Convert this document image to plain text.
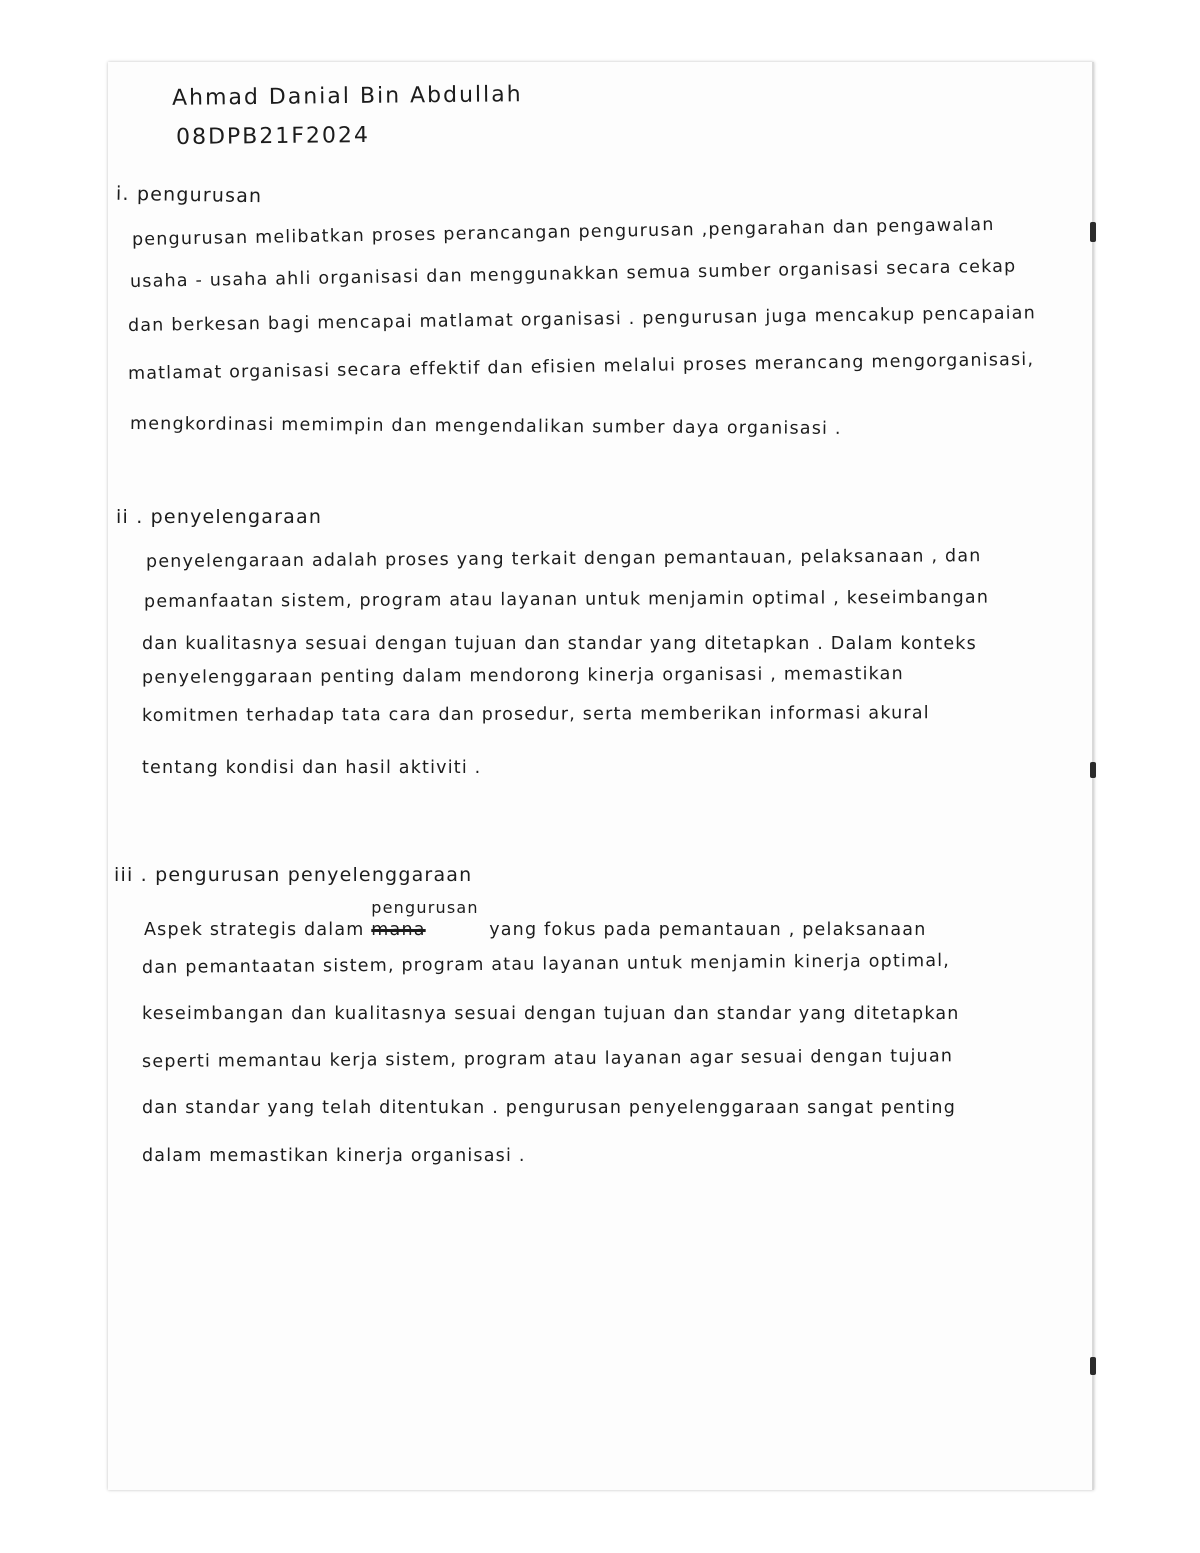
Ahmad Danial Bin Abdullah

08DPB21F2024

i. pengurusan

pengurusan melibatkan proses perancangan pengurusan ,pengarahan dan pengawalan

usaha - usaha ahli organisasi dan menggunakkan semua sumber organisasi secara cekap

dan berkesan bagi mencapai matlamat organisasi . pengurusan juga mencakup pencapaian

matlamat organisasi secara effektif dan efisien melalui proses merancang mengorganisasi,

mengkordinasi memimpin dan mengendalikan sumber daya organisasi .

ii . penyelengaraan

penyelengaraan adalah proses yang terkait dengan pemantauan, pelaksanaan , dan

pemanfaatan sistem, program atau layanan untuk menjamin optimal , keseimbangan

dan kualitasnya sesuai dengan tujuan dan standar yang ditetapkan . Dalam konteks

penyelenggaraan penting dalam mendorong kinerja organisasi , memastikan

komitmen terhadap tata cara dan prosedur, serta memberikan informasi akural

tentang kondisi dan hasil aktiviti .

iii . pengurusan penyelenggaraan

Aspek strategis dalam
pengurusan
mana	yang fokus pada pemantauan , pelaksanaan

dan pemantaatan sistem, program atau layanan untuk menjamin kinerja optimal,

keseimbangan dan kualitasnya sesuai dengan tujuan dan standar yang ditetapkan

seperti memantau kerja sistem, program atau layanan agar sesuai dengan tujuan

dan standar yang telah ditentukan . pengurusan penyelenggaraan sangat penting

dalam memastikan kinerja organisasi .
